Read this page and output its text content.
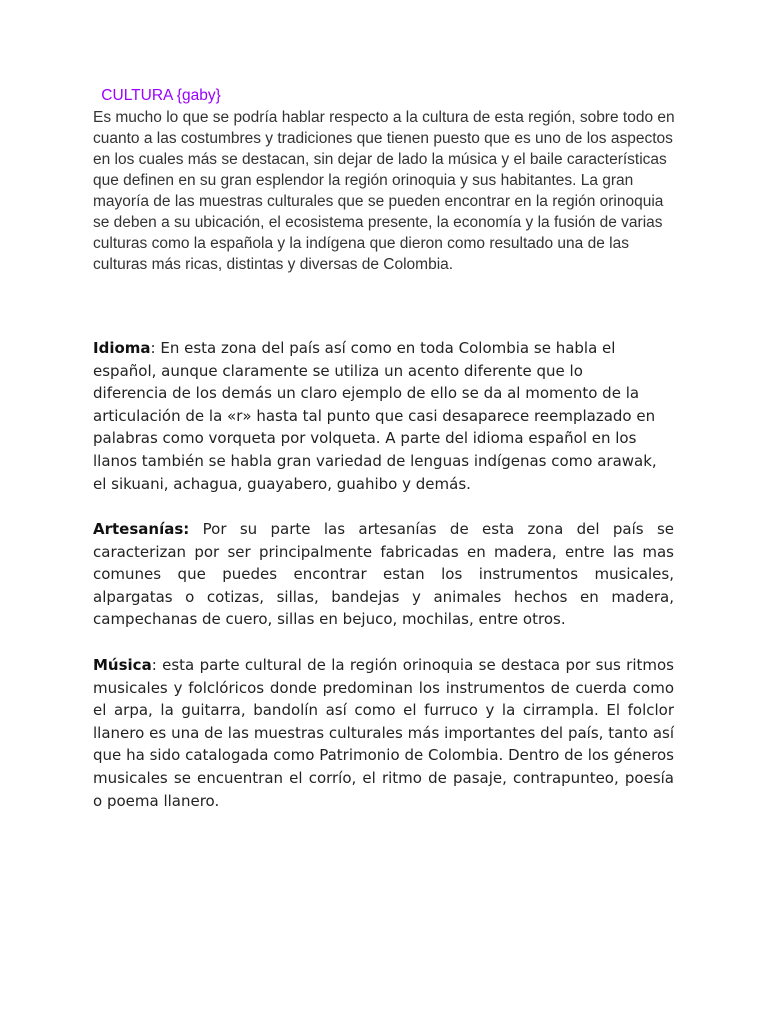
CULTURA {gaby}

Es mucho lo que se podría hablar respecto a la cultura de esta región, sobre todo en cuanto a las costumbres y tradiciones que tienen puesto que es uno de los aspectos en los cuales más se destacan, sin dejar de lado la música y el baile características que definen en su gran esplendor la región orinoquia y sus habitantes. La gran mayoría de las muestras culturales que se pueden encontrar en la región orinoquia se deben a su ubicación, el ecosistema presente, la economía y la fusión de varias culturas como la española y la indígena que dieron como resultado una de las culturas más ricas, distintas y diversas de Colombia.

Idioma: En esta zona del país así como en toda Colombia se habla el español, aunque claramente se utiliza un acento diferente que lo diferencia de los demás un claro ejemplo de ello se da al momento de la articulación de la «r» hasta tal punto que casi desaparece reemplazado en palabras como vorqueta por volqueta. A parte del idioma español en los llanos también se habla gran variedad de lenguas indígenas como arawak, el sikuani, achagua, guayabero, guahibo y demás.

Artesanías: Por su parte las artesanías de esta zona del país se caracterizan por ser principalmente fabricadas en madera, entre las mas comunes que puedes encontrar estan los instrumentos musicales, alpargatas o cotizas, sillas, bandejas y animales hechos en madera, campechanas de cuero, sillas en bejuco, mochilas, entre otros.

Música: esta parte cultural de la región orinoquia se destaca por sus ritmos musicales y folclóricos donde predominan los instrumentos de cuerda como el arpa, la guitarra, bandolín así como el furruco y la cirrampla. El folclor llanero es una de las muestras culturales más importantes del país, tanto así que ha sido catalogada como Patrimonio de Colombia. Dentro de los géneros musicales se encuentran el corrío, el ritmo de pasaje, contrapunteo, poesía o poema llanero.
